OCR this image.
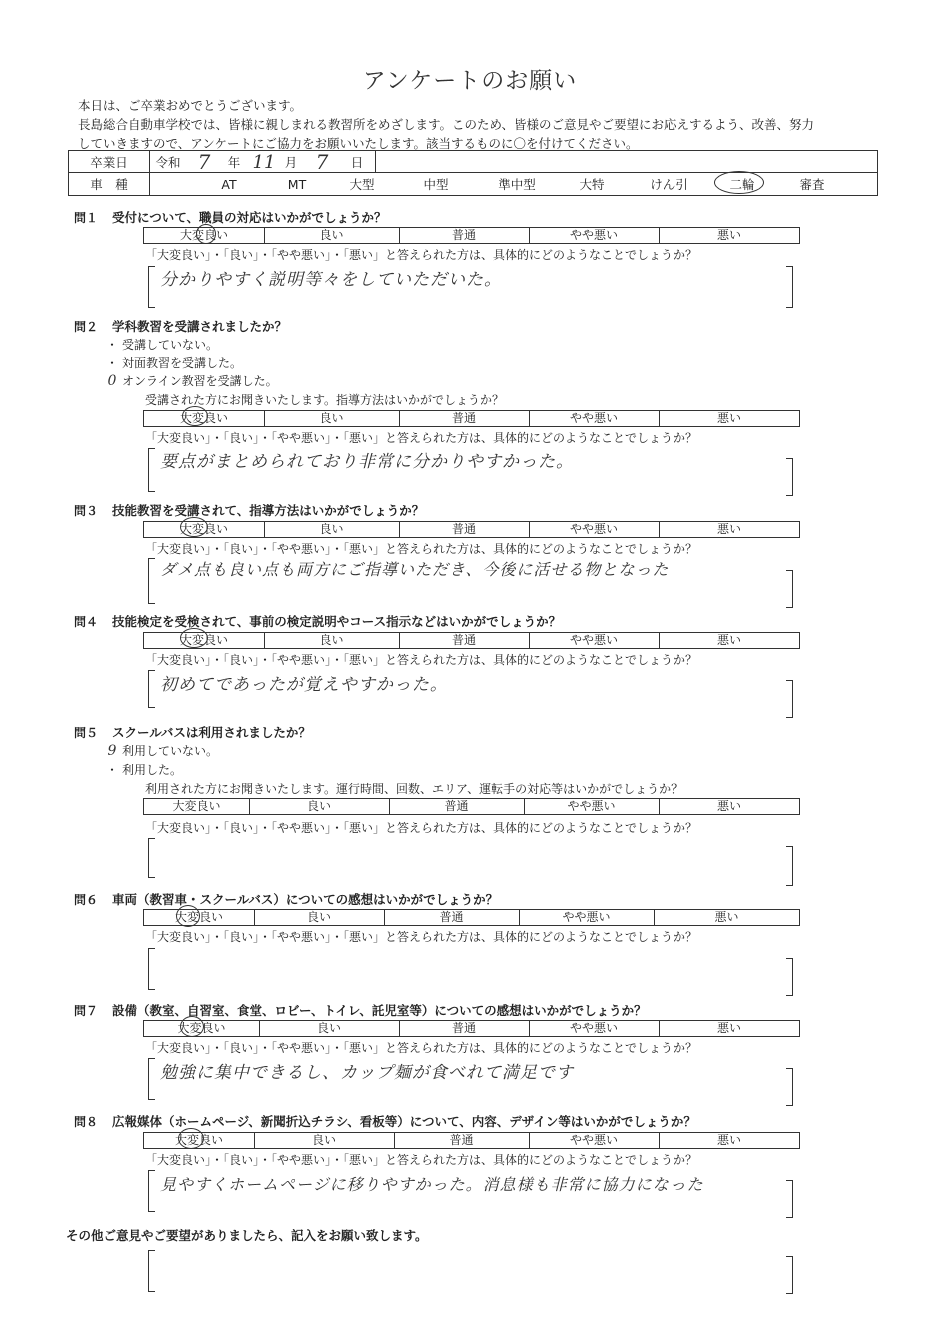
アンケートのお願い
本日は、ご卒業おめでとうございます。
長島総合自動車学校では、皆様に親しまれる教習所をめざします。このため、皆様のご意見やご要望にお応えするよう、改善、努力
していきますので、アンケートにご協力をお願いいたします。該当するものに〇を付けてください。
卒業日	令和 7	年 11 月 7	日
車　種	AT	MT	大型	中型	準中型	大特	けん引	二輪	審査
問１ 受付について、職員の対応はいかがでしょうか？
大変良い	良い	普通	やや悪い	悪い
「大変良い」・「良い」・「やや悪い」・「悪い」と答えられた方は、具体的にどのようなことでしょうか？
分かりやすく説明等々をしていただいた。
問２ 学科教習を受講されましたか？
・ 受講していない。
・ 対面教習を受講した。
0 オンライン教習を受講した。
受講された方にお聞きいたします。指導方法はいかがでしょうか？
大変良い	良い	普通	やや悪い	悪い
「大変良い」・「良い」・「やや悪い」・「悪い」と答えられた方は、具体的にどのようなことでしょうか？
要点がまとめられており非常に分かりやすかった。
問３ 技能教習を受講されて、指導方法はいかがでしょうか？
大変良い	良い	普通	やや悪い	悪い
「大変良い」・「良い」・「やや悪い」・「悪い」と答えられた方は、具体的にどのようなことでしょうか？
ダメ点も良い点も両方にご指導いただき、今後に活せる物となった
問４ 技能検定を受検されて、事前の検定説明やコース指示などはいかがでしょうか？
大変良い	良い	普通	やや悪い	悪い
「大変良い」・「良い」・「やや悪い」・「悪い」と答えられた方は、具体的にどのようなことでしょうか？
初めてであったが覚えやすかった。
問５ スクールバスは利用されましたか？
9 利用していない。
・ 利用した。
利用された方にお聞きいたします。運行時間、回数、エリア、運転手の対応等はいかがでしょうか？
大変良い	良い	普通	やや悪い	悪い
「大変良い」・「良い」・「やや悪い」・「悪い」と答えられた方は、具体的にどのようなことでしょうか？
問６ 車両（教習車・スクールバス）についての感想はいかがでしょうか？
大変良い	良い	普通	やや悪い	悪い
「大変良い」・「良い」・「やや悪い」・「悪い」と答えられた方は、具体的にどのようなことでしょうか？
問７ 設備（教室、自習室、食堂、ロビー、トイレ、託児室等）についての感想はいかがでしょうか？
大変良い	良い	普通	やや悪い	悪い
「大変良い」・「良い」・「やや悪い」・「悪い」と答えられた方は、具体的にどのようなことでしょうか？
勉強に集中できるし、カップ麺が食べれて満足です
問８ 広報媒体（ホームページ、新聞折込チラシ、看板等）について、内容、デザイン等はいかがでしょうか？
大変良い	良い	普通	やや悪い	悪い
「大変良い」・「良い」・「やや悪い」・「悪い」と答えられた方は、具体的にどのようなことでしょうか？
見やすくホームページに移りやすかった。消息様も非常に協力になった
その他ご意見やご要望がありましたら、記入をお願い致します。
